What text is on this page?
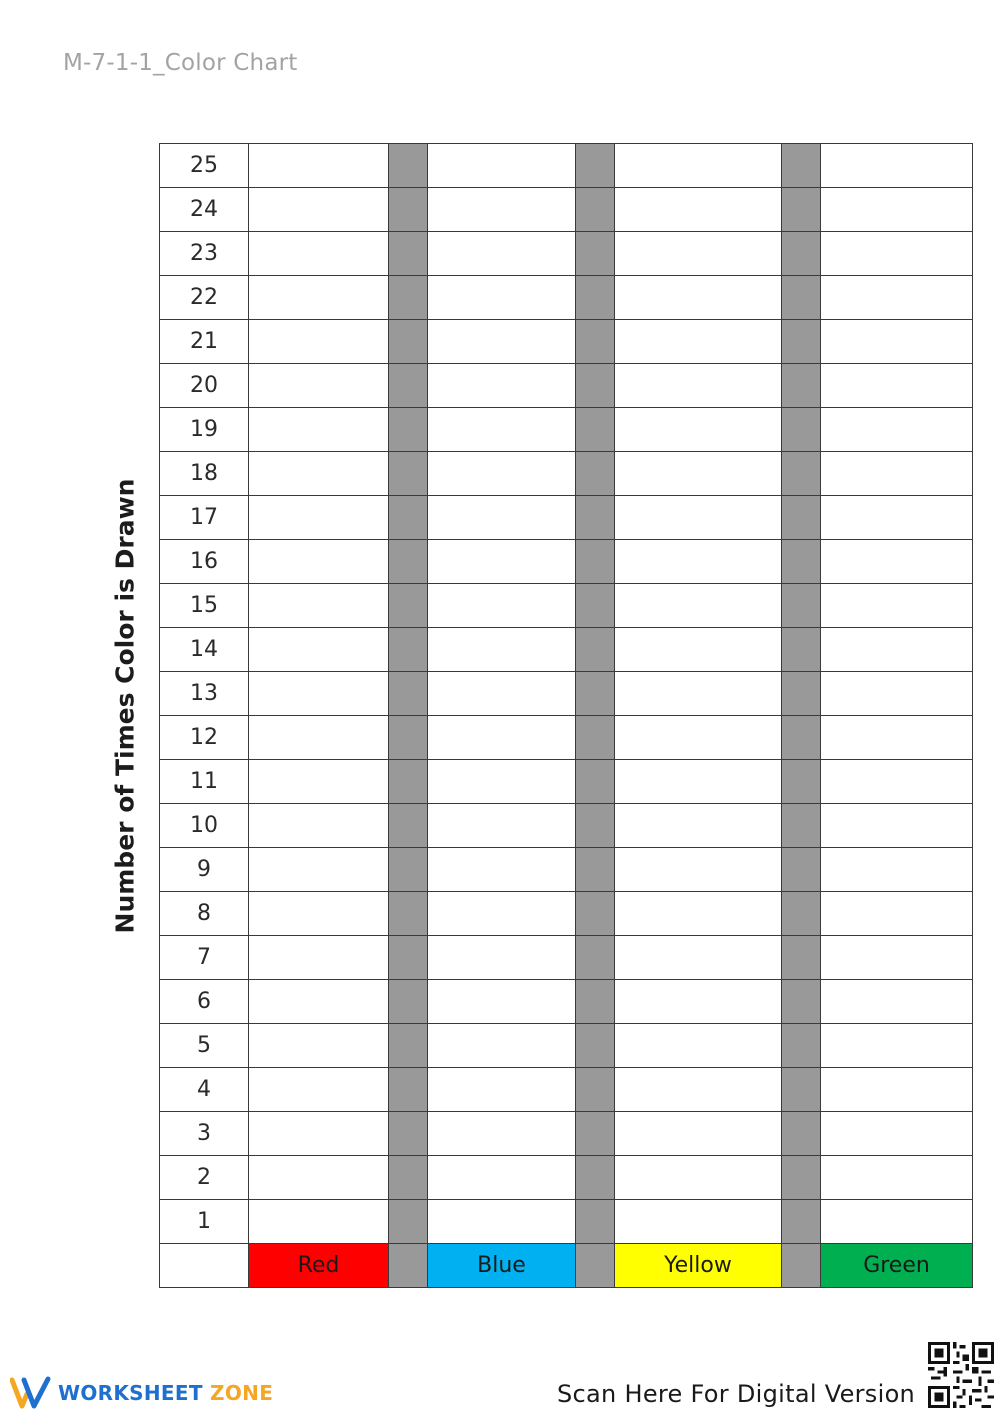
M-7-1-1_Color Chart
Number of Times Color is Drawn
25							
24							
23							
22							
21							
20							
19							
18							
17							
16							
15							
14							
13							
12							
11							
10							
9							
8							
7							
6							
5							
4							
3							
2							
1							
	Red		Blue		Yellow		Green
WORKSHEET ZONE	Scan Here For Digital Version
